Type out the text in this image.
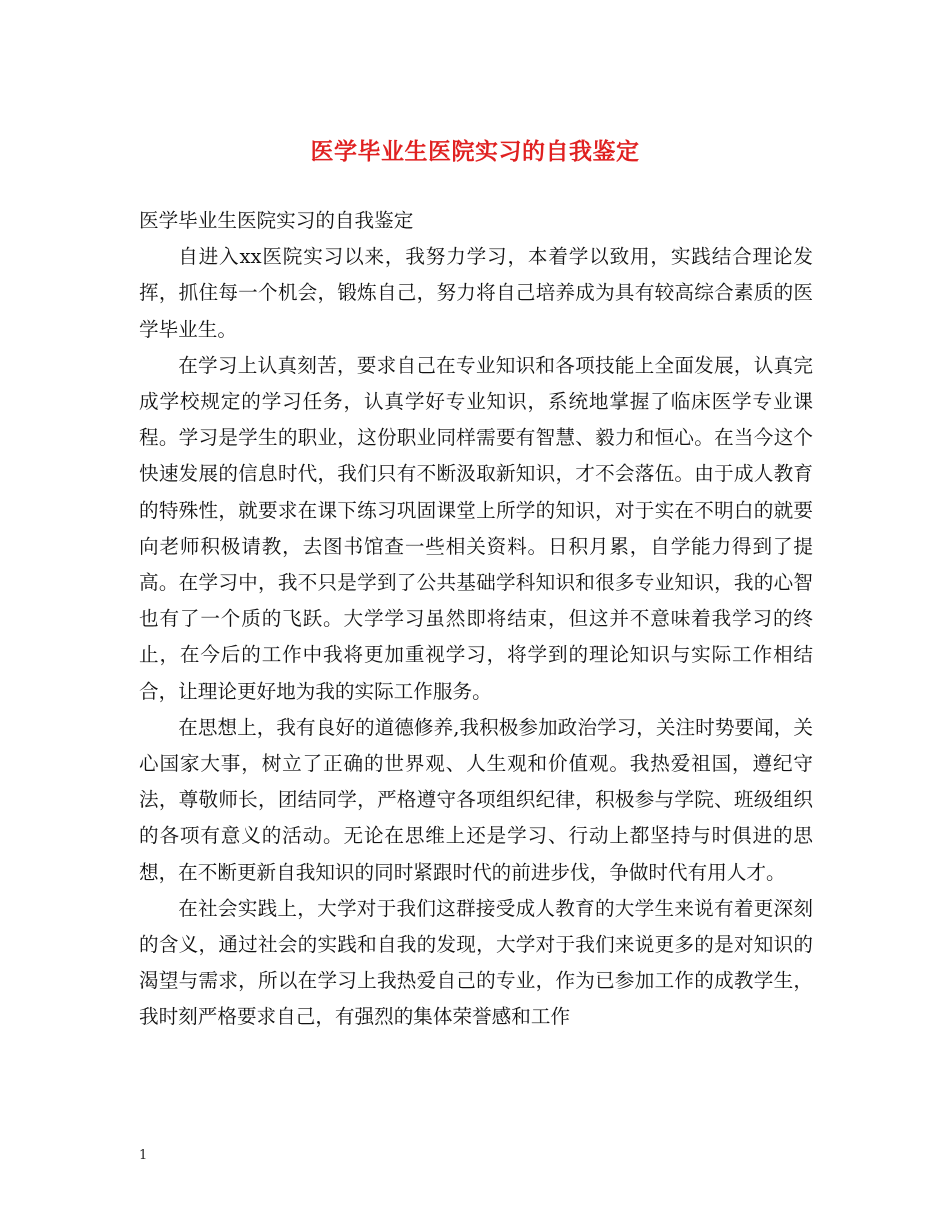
医学毕业生医院实习的自我鉴定

医学毕业生医院实习的自我鉴定

自进入xx医院实习以来，我努力学习，本着学以致用，实践结合理论发挥，抓住每一个机会，锻炼自己，努力将自己培养成为具有较高综合素质的医学毕业生。

在学习上认真刻苦，要求自己在专业知识和各项技能上全面发展，认真完成学校规定的学习任务，认真学好专业知识，系统地掌握了临床医学专业课程。学习是学生的职业，这份职业同样需要有智慧、毅力和恒心。在当今这个快速发展的信息时代，我们只有不断汲取新知识，才不会落伍。由于成人教育的特殊性，就要求在课下练习巩固课堂上所学的知识，对于实在不明白的就要向老师积极请教，去图书馆查一些相关资料。日积月累，自学能力得到了提高。在学习中，我不只是学到了公共基础学科知识和很多专业知识，我的心智也有了一个质的飞跃。大学学习虽然即将结束，但这并不意味着我学习的终止，在今后的工作中我将更加重视学习，将学到的理论知识与实际工作相结合，让理论更好地为我的实际工作服务。

在思想上，我有良好的道德修养,我积极参加政治学习，关注时势要闻，关心国家大事，树立了正确的世界观、人生观和价值观。我热爱祖国，遵纪守法，尊敬师长，团结同学，严格遵守各项组织纪律，积极参与学院、班级组织的各项有意义的活动。无论在思维上还是学习、行动上都坚持与时俱进的思想，在不断更新自我知识的同时紧跟时代的前进步伐，争做时代有用人才。

在社会实践上，大学对于我们这群接受成人教育的大学生来说有着更深刻的含义，通过社会的实践和自我的发现，大学对于我们来说更多的是对知识的渴望与需求，所以在学习上我热爱自己的专业，作为已参加工作的成教学生，我时刻严格要求自己，有强烈的集体荣誉感和工作

1
